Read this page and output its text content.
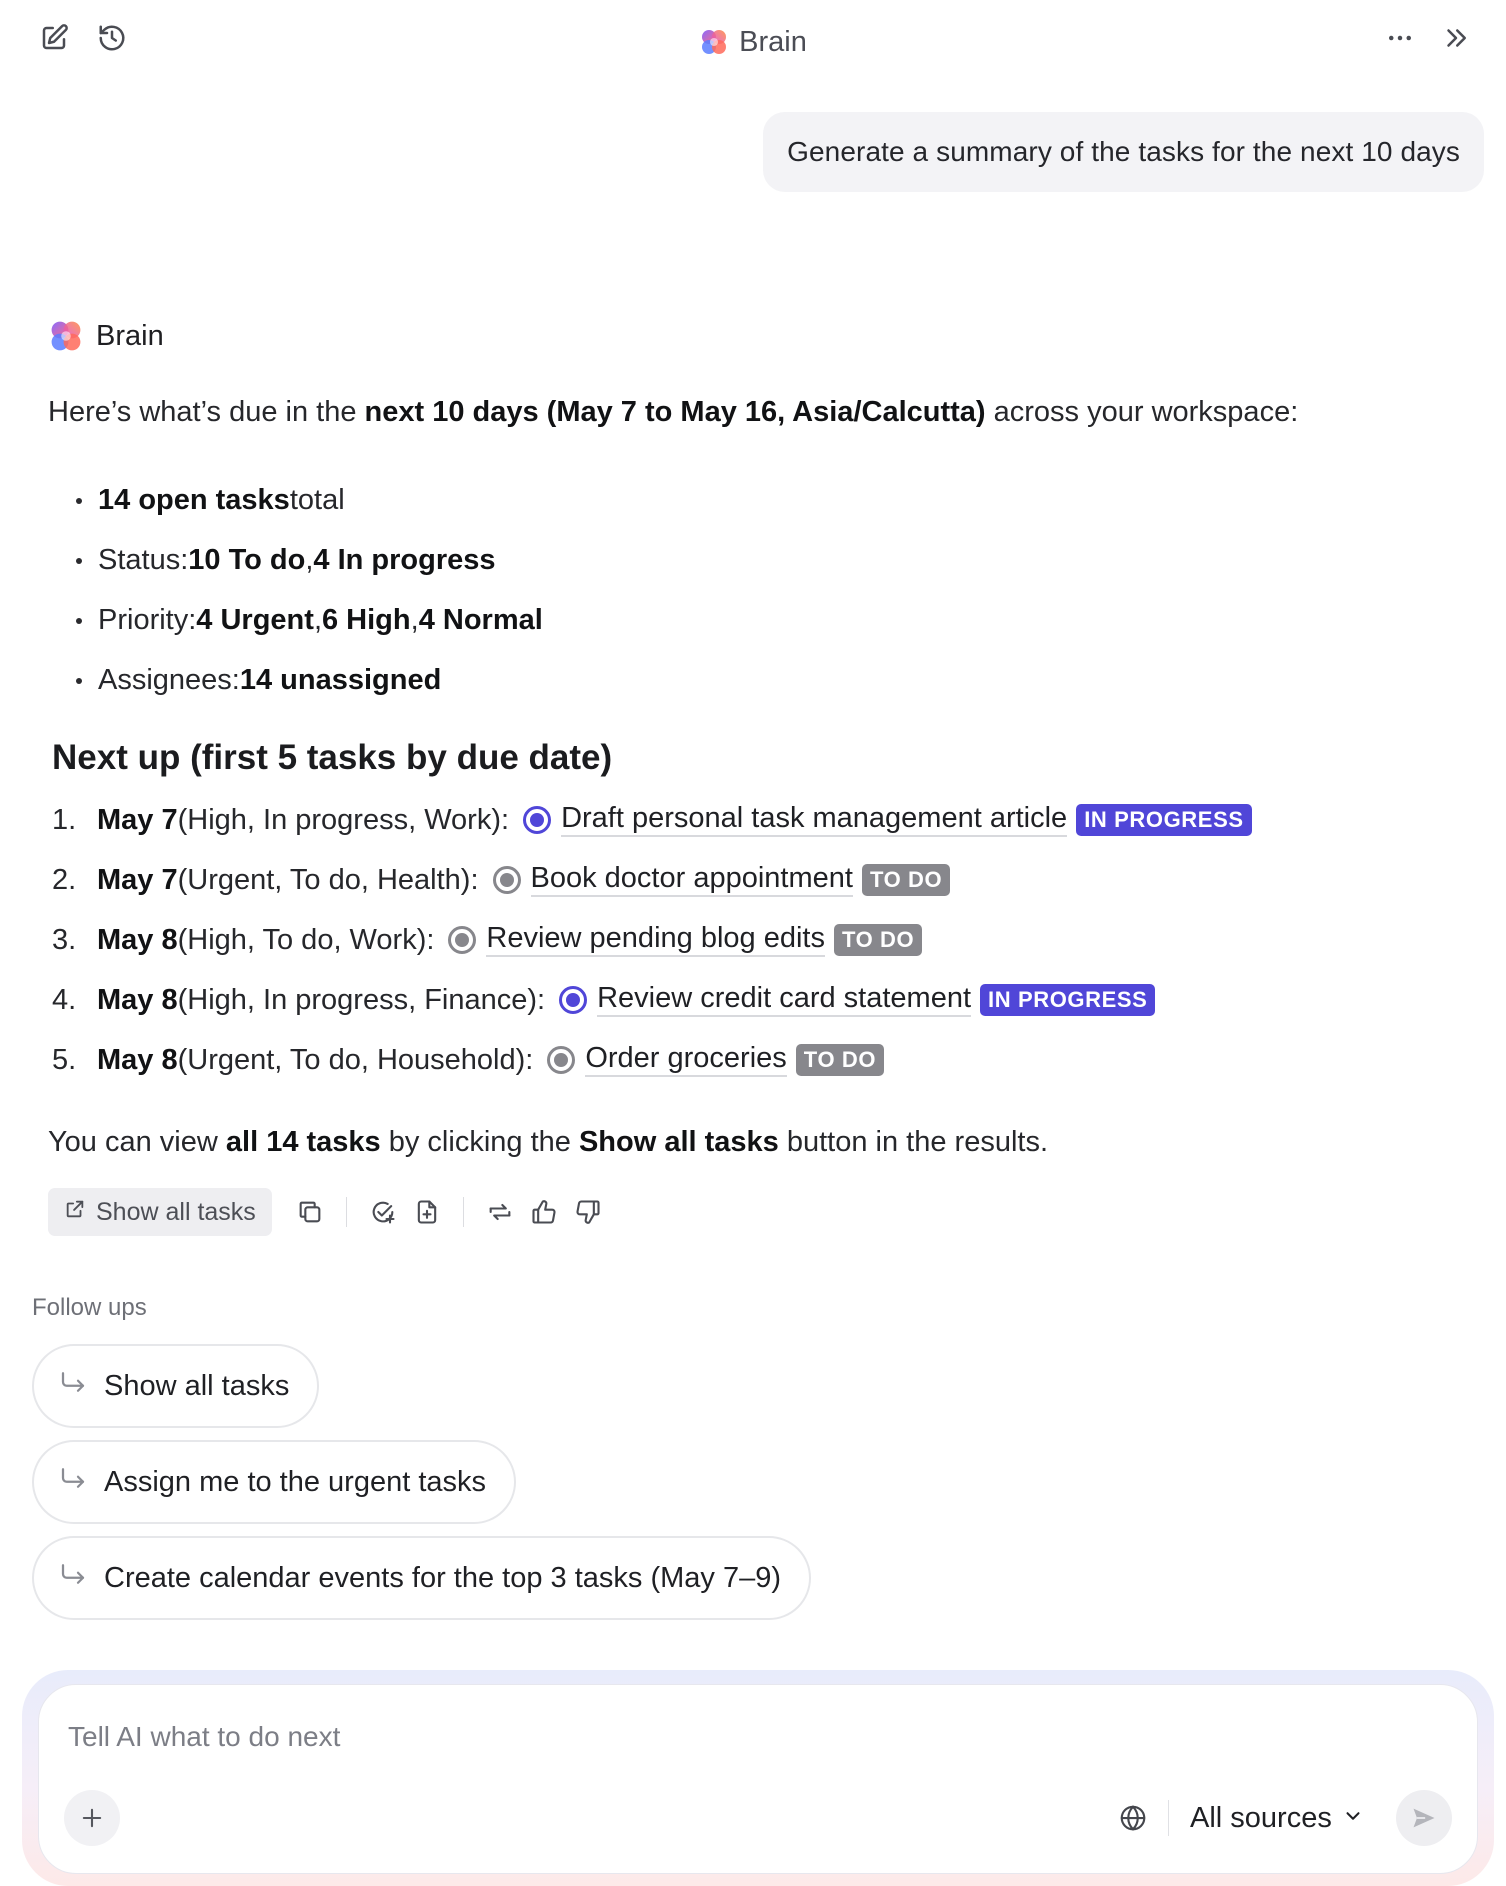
Brain
Generate a summary of the tasks for the next 10 days
Brain
Here’s what’s due in the next 10 days (May 7 to May 16, Asia/Calcutta) across your workspace:
14 open tasks total
Status: 10 To do , 4 In progress
Priority: 4 Urgent , 6 High , 4 Normal
Assignees: 14 unassigned
Next up (first 5 tasks by due date)
1. May 7 (High, In progress, Work): Draft personal task management article IN PROGRESS
2. May 7 (Urgent, To do, Health): Book doctor appointment TO DO
3. May 8 (High, To do, Work): Review pending blog edits TO DO
4. May 8 (High, In progress, Finance): Review credit card statement IN PROGRESS
5. May 8 (Urgent, To do, Household): Order groceries TO DO
You can view all 14 tasks by clicking the Show all tasks button in the results.
Show all tasks
Follow ups
Show all tasks
Assign me to the urgent tasks
Create calendar events for the top 3 tasks (May 7–9)
Tell AI what to do next
All sources
